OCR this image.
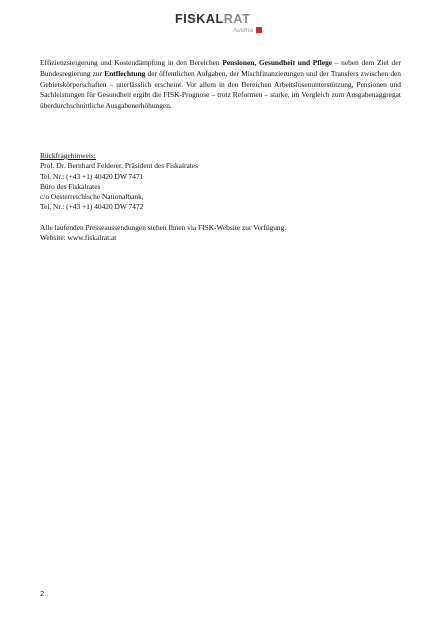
FISKALRAT
Austria

Effizienzsteigerung und Kostendämpfung in den Bereichen Pensionen, Gesundheit und Pflege – neben dem Ziel der Bundesregierung zur Entflechtung der öffentlichen Aufgaben, der Mischfinanzierungen und der Transfers zwischen den Gebietskörperschaften – unerlässlich erscheint. Vor allem in den Bereichen Arbeitslosenunterstützung, Pensionen und Sachleistungen für Gesundheit ergibt die FISK-Prognose – trotz Reformen – starke, im Vergleich zum Ausgabenaggregat überdurchschnittliche Ausgabenerhöhungen.

Rückfragehinweis:
Prof. Dr. Bernhard Felderer, Präsident des Fiskalrates
Tel. Nr.: (+43 +1) 40420 DW 7471
Büro des Fiskalrates
c/o Oesterreichische Nationalbank,
Tel. Nr.: (+43 +1) 40420 DW 7472
Alle laufenden Presseaussendungen stehen Ihnen via FISK-Website zur Verfügung.
Website: www.fiskalrat.at
2
